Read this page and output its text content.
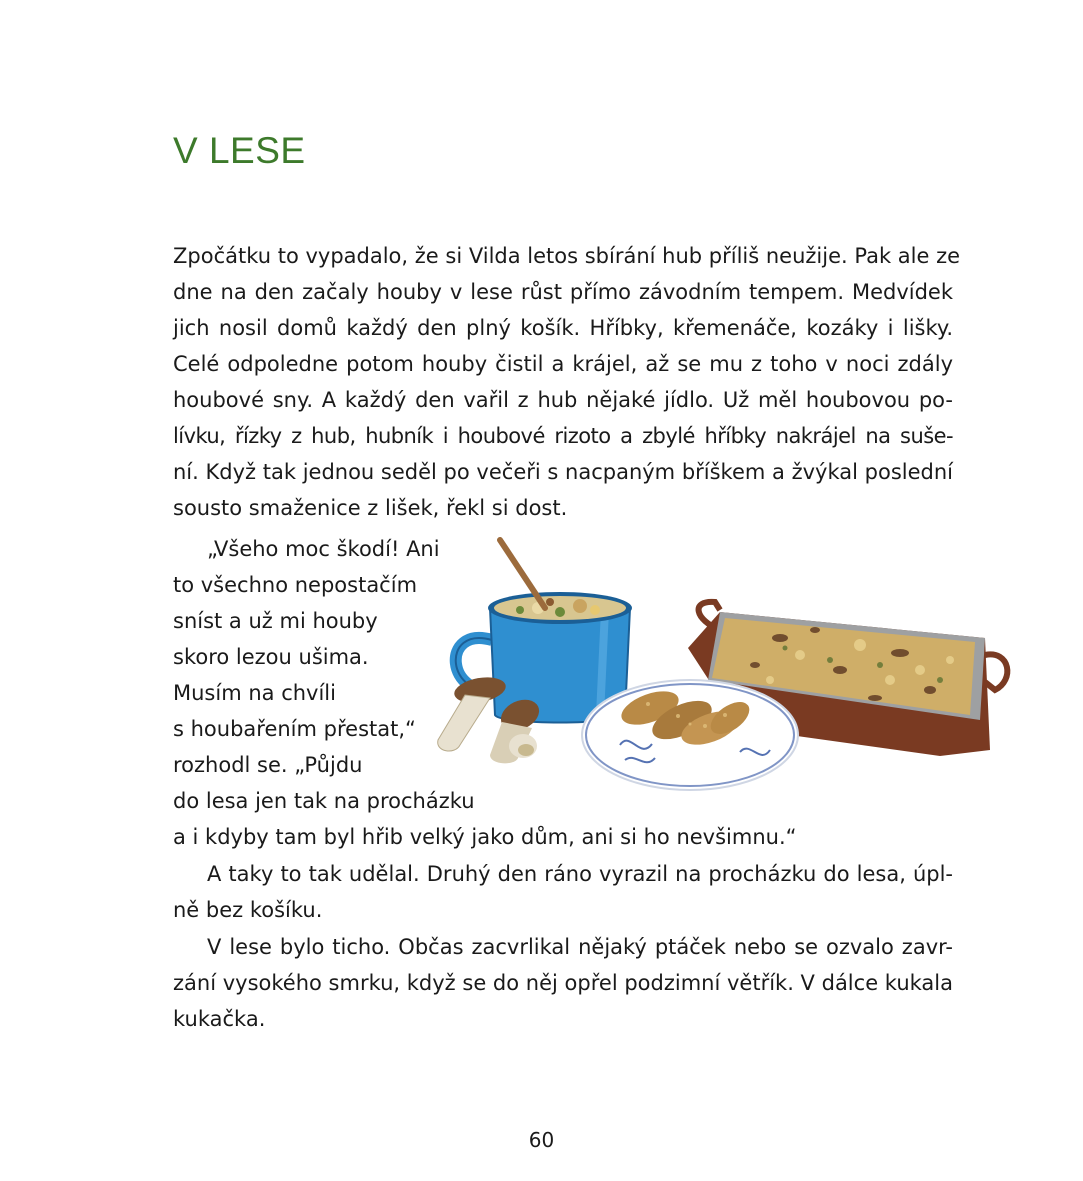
V LESE
Zpočátku to vypadalo, že si Vilda letos sbírání hub příliš neužije. Pak ale ze
dne na den začaly houby v lese růst přímo závodním tempem. Medvídek
jich nosil domů každý den plný košík. Hříbky, křemenáče, kozáky i lišky.
Celé odpoledne potom houby čistil a krájel, až se mu z toho v noci zdály
houbové sny. A každý den vařil z hub nějaké jídlo. Už měl houbovou po-
lívku, řízky z hub, hubník i houbové rizoto a zbylé hříbky nakrájel na suše-
ní. Když tak jednou seděl po večeři s nacpaným bříškem a žvýkal poslední
sousto smaženice z lišek, řekl si dost.
„Všeho moc škodí! Ani
to všechno nepostačím
sníst a už mi houby
skoro lezou ušima.
Musím na chvíli
s houbařením přestat,“
rozhodl se. „Půjdu
do lesa jen tak na procházku
a i kdyby tam byl hřib velký jako dům, ani si ho nevšimnu.“
A taky to tak udělal. Druhý den ráno vyrazil na procházku do lesa, úpl-
ně bez košíku.
V lese bylo ticho. Občas zacvrlikal nějaký ptáček nebo se ozvalo zavr-
zání vysokého smrku, když se do něj opřel podzimní větřík. V dálce kukala
kukačka.
60
